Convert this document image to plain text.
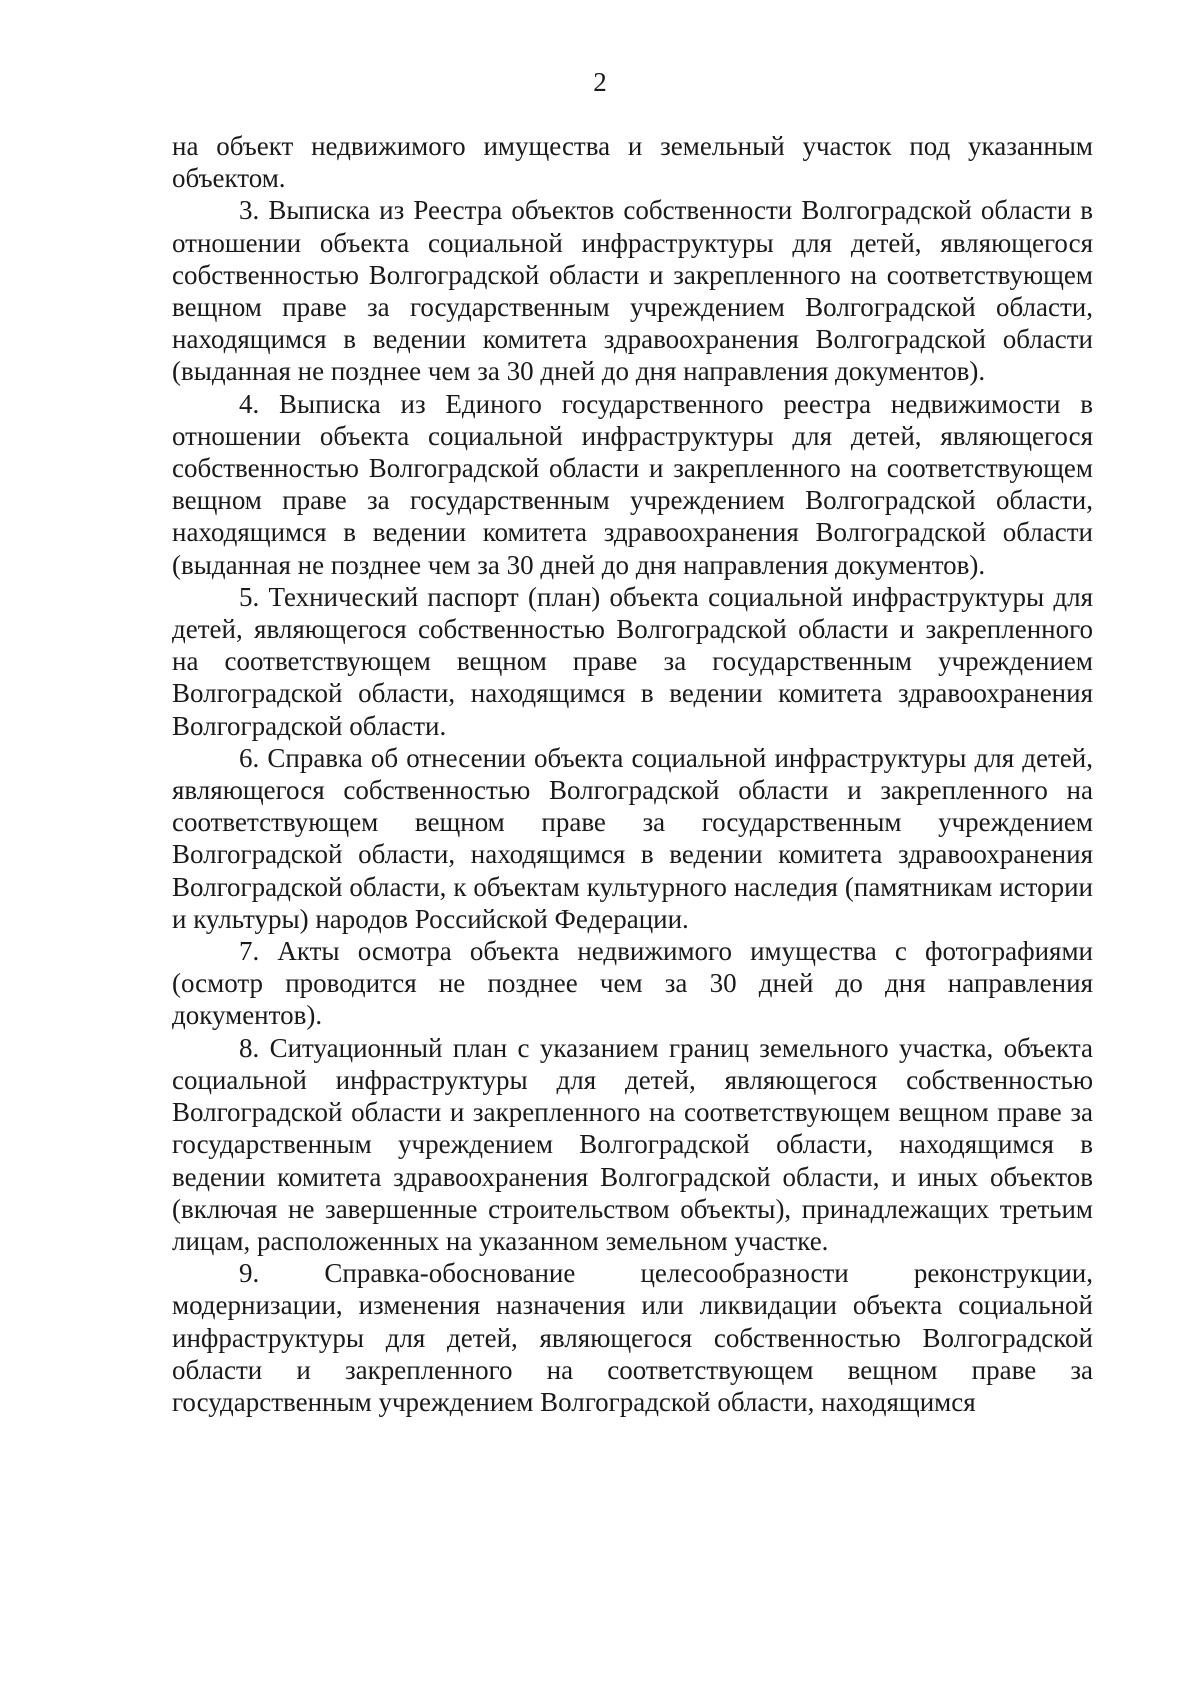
2

на объект недвижимого имущества и земельный участок под указанным объектом.

3. Выписка из Реестра объектов собственности Волгоградской области в отношении объекта социальной инфраструктуры для детей, являющегося собственностью Волгоградской области и закрепленного на соответствующем вещном праве за государственным учреждением Волгоградской области, находящимся в ведении комитета здравоохранения Волгоградской области (выданная не позднее чем за 30 дней до дня направления документов).

4. Выписка из Единого государственного реестра недвижимости в отношении объекта социальной инфраструктуры для детей, являющегося собственностью Волгоградской области и закрепленного на соответствующем вещном праве за государственным учреждением Волгоградской области, находящимся в ведении комитета здравоохранения Волгоградской области (выданная не позднее чем за 30 дней до дня направления документов).

5. Технический паспорт (план) объекта социальной инфраструктуры для детей, являющегося собственностью Волгоградской области и закрепленного на соответствующем вещном праве за государственным учреждением Волгоградской области, находящимся в ведении комитета здравоохранения Волгоградской области.

6. Справка об отнесении объекта социальной инфраструктуры для детей, являющегося собственностью Волгоградской области и закрепленного на соответствующем вещном праве за государственным учреждением Волгоградской области, находящимся в ведении комитета здравоохранения Волгоградской области, к объектам культурного наследия (памятникам истории и культуры) народов Российской Федерации.

7. Акты осмотра объекта недвижимого имущества с фотографиями (осмотр проводится не позднее чем за 30 дней до дня направления документов).

8. Ситуационный план с указанием границ земельного участка, объекта социальной инфраструктуры для детей, являющегося собственностью Волгоградской области и закрепленного на соответствующем вещном праве за государственным учреждением Волгоградской области, находящимся в ведении комитета здравоохранения Волгоградской области, и иных объектов (включая не завершенные строительством объекты), принадлежащих третьим лицам, расположенных на указанном земельном участке.

9. Справка-обоснование целесообразности реконструкции, модернизации, изменения назначения или ликвидации объекта социальной инфраструктуры для детей, являющегося собственностью Волгоградской области и закрепленного на соответствующем вещном праве за государственным учреждением Волгоградской области, находящимся
